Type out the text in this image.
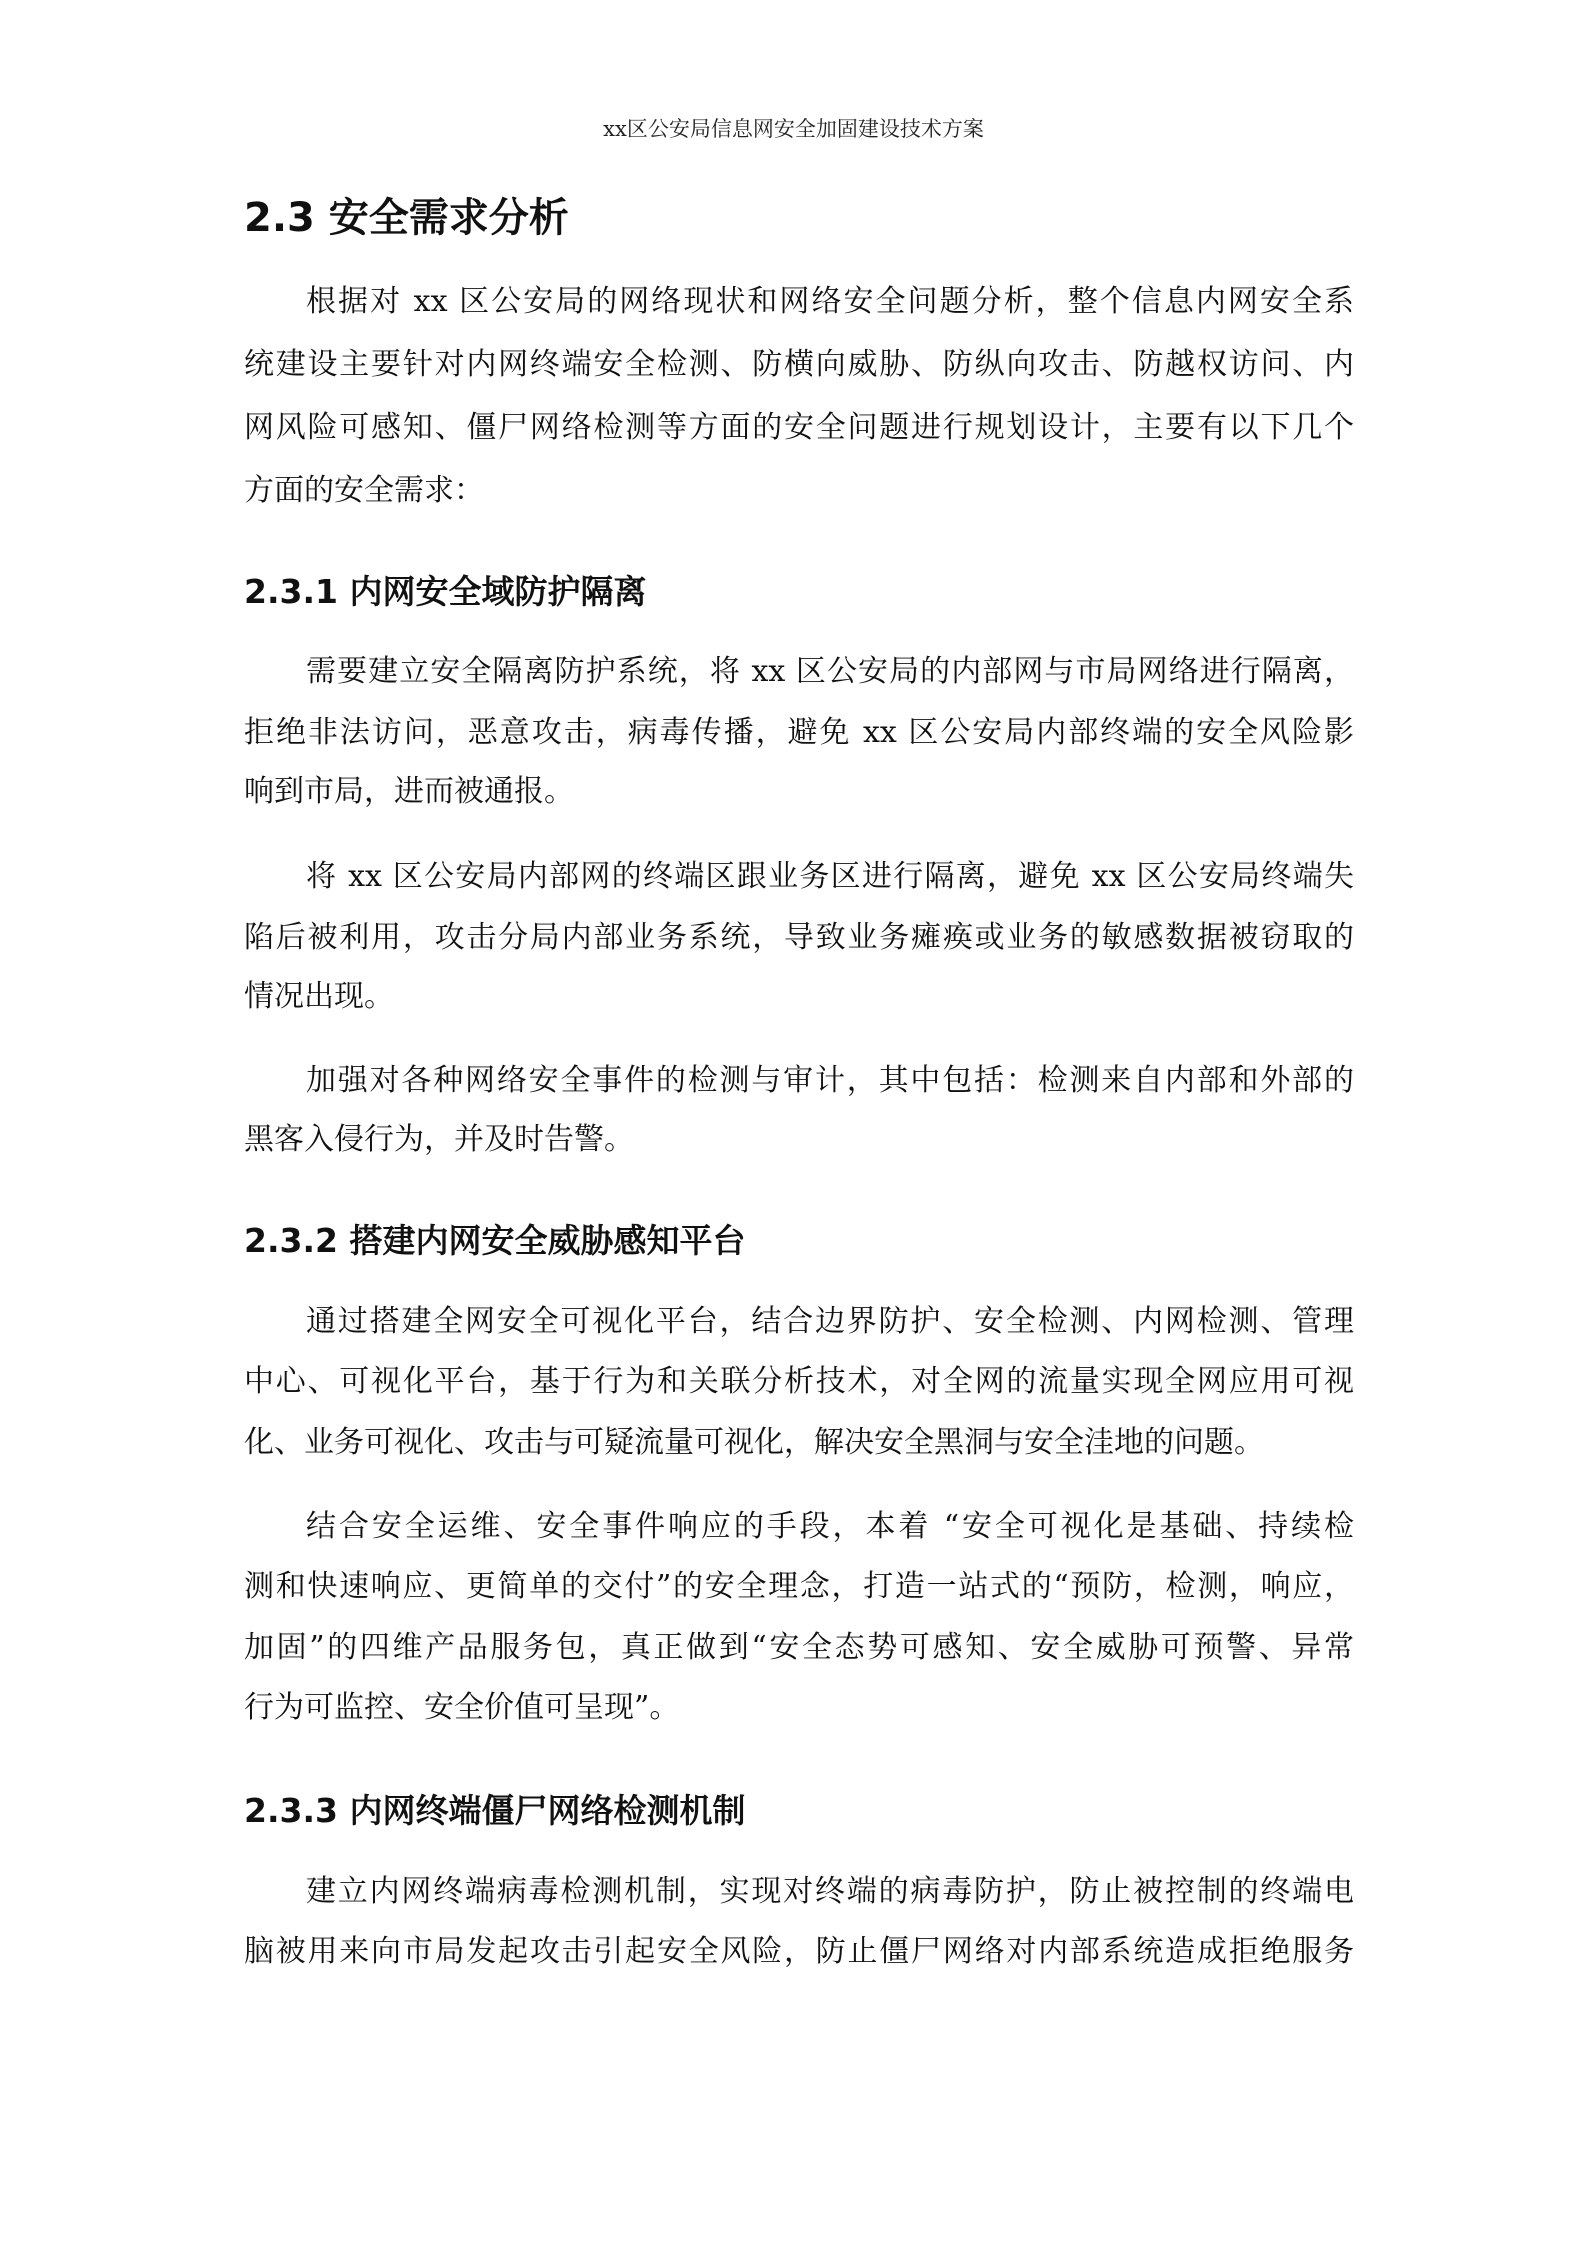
xx区公安局信息网安全加固建设技术方案
2.3 安全需求分析
根据对 xx 区公安局的网络现状和网络安全问题分析，整个信息内网安全系
统建设主要针对内网终端安全检测、防横向威胁、防纵向攻击、防越权访问、内
网风险可感知、僵尸网络检测等方面的安全问题进行规划设计，主要有以下几个
方面的安全需求：
2.3.1 内网安全域防护隔离
需要建立安全隔离防护系统，将 xx 区公安局的内部网与市局网络进行隔离，
拒绝非法访问，恶意攻击，病毒传播，避免 xx 区公安局内部终端的安全风险影
响到市局，进而被通报。
将 xx 区公安局内部网的终端区跟业务区进行隔离，避免 xx 区公安局终端失
陷后被利用，攻击分局内部业务系统，导致业务瘫痪或业务的敏感数据被窃取的
情况出现。
加强对各种网络安全事件的检测与审计，其中包括：检测来自内部和外部的
黑客入侵行为，并及时告警。
2.3.2 搭建内网安全威胁感知平台
通过搭建全网安全可视化平台，结合边界防护、安全检测、内网检测、管理
中心、可视化平台，基于行为和关联分析技术，对全网的流量实现全网应用可视
化、业务可视化、攻击与可疑流量可视化，解决安全黑洞与安全洼地的问题。
结合安全运维、安全事件响应的手段，本着 “安全可视化是基础、持续检
测和快速响应、更简单的交付”的安全理念，打造一站式的“预防，检测，响应，
加固”的四维产品服务包，真正做到“安全态势可感知、安全威胁可预警、异常
行为可监控、安全价值可呈现”。
2.3.3 内网终端僵尸网络检测机制
建立内网终端病毒检测机制，实现对终端的病毒防护，防止被控制的终端电
脑被用来向市局发起攻击引起安全风险，防止僵尸网络对内部系统造成拒绝服务
